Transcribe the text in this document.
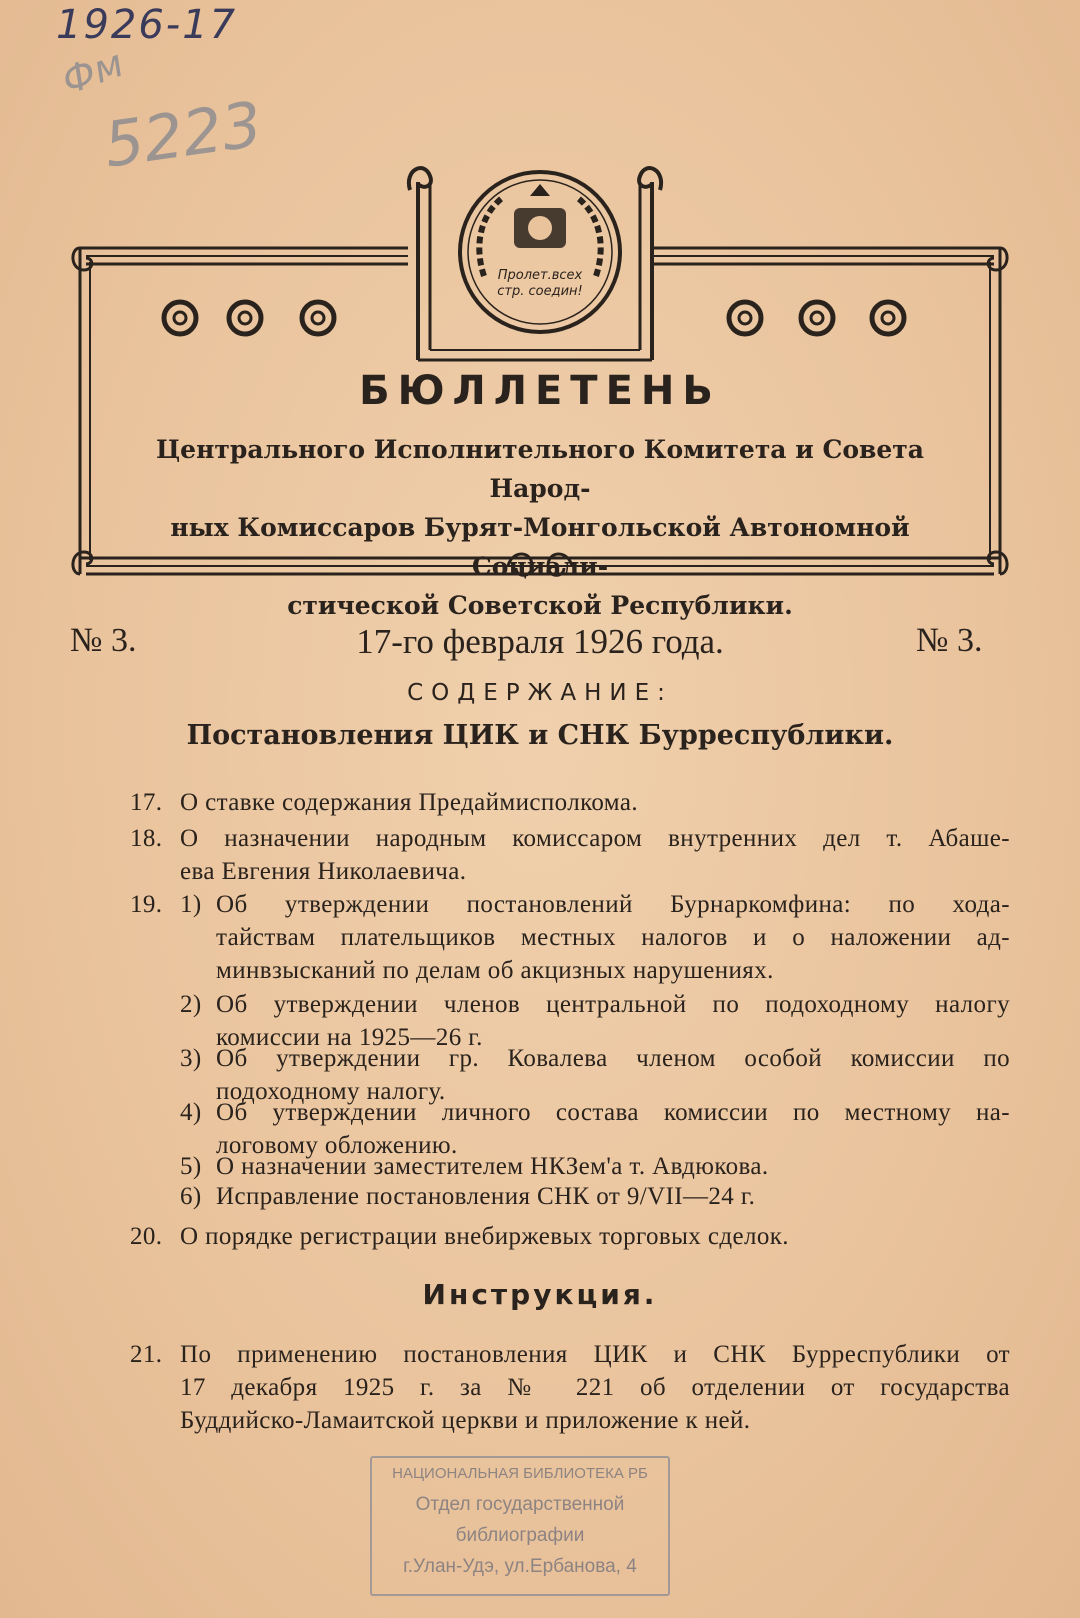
1926-17
5223
Фм
Пролет.всех
стр. соедин!
БЮЛЛЕТЕНЬ
Центрального Исполнительного Комитета и Совета Народ-
ных Комиссаров Бурят-Монгольской Автономной Социали-
стической Советской Республики.
№ 3.	17-го февраля 1926 года.	№ 3.
СОДЕРЖАНИЕ:
Постановления ЦИК и СНК Бурреспублики.
17. О ставке содержания Предаймисполкома.
18. О назначении народным комиссаром внутренних дел т. Абаше-
ева Евгения Николаевича.
19. 1) Об утверждении постановлений Бурнаркомфина: по хода-
тайствам плательщиков местных налогов и о наложении ад-
минвзысканий по делам об акцизных нарушениях.
2) Об утверждении членов центральной по подоходному налогу
комиссии на 1925—26 г.
3) Об утверждении гр. Ковалева членом особой комиссии по
подоходному налогу.
4) Об утверждении личного состава комиссии по местному на-
логовому обложению.
5) О назначении заместителем НКЗем'а т. Авдюкова.
6) Исправление постановления СНК от 9/VII—24 г.
20. О порядке регистрации внебиржевых торговых сделок.
Инструкция.
21. По применению постановления ЦИК и СНК Бурреспублики от
17 декабря 1925 г. за № 221 об отделении от государства
Буддийско-Ламаитской церкви и приложение к ней.
НАЦИОНАЛЬНАЯ БИБЛИОТЕКА РБ
Отдел государственной
библиографии
г.Улан-Удэ, ул.Ербанова, 4
